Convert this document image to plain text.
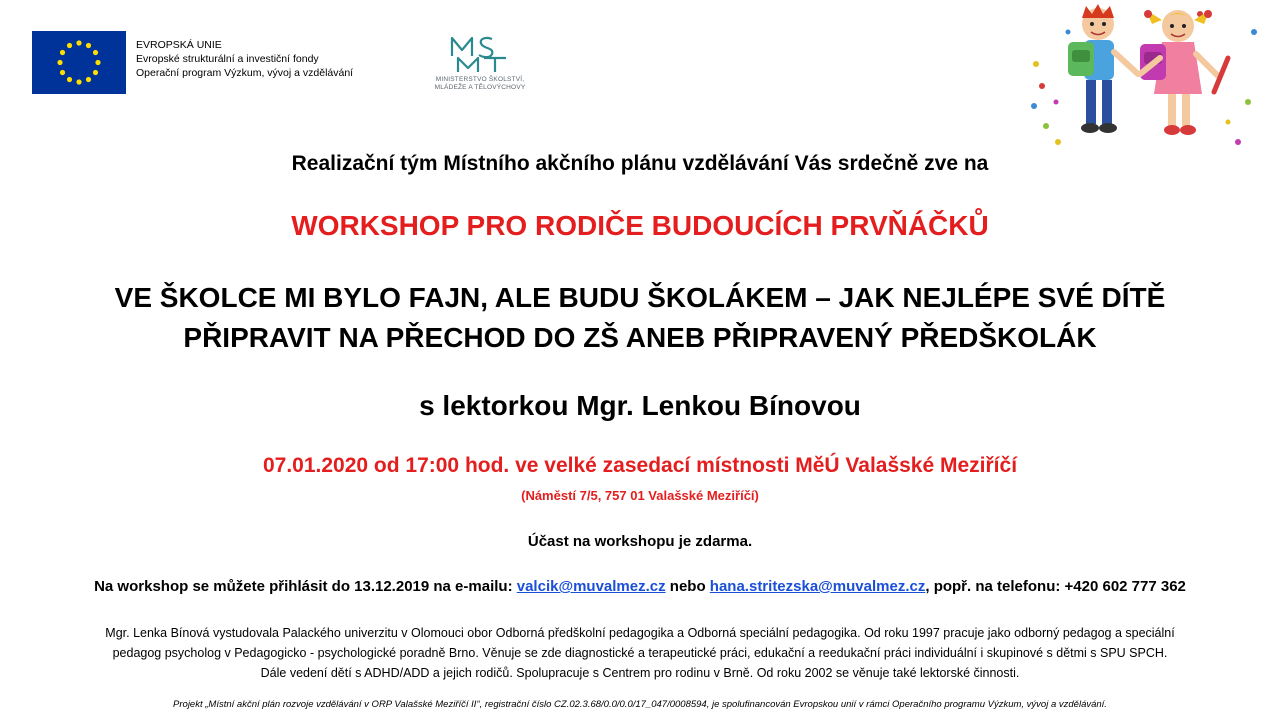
EVROPSKÁ UNIE
Evropské strukturální a investiční fondy
Operační program Výzkum, vývoj a vzdělávání
MINISTERSTVO ŠKOLSTVÍ,
MLÁDEŽE A TĚLOVÝCHOVY
Realizační tým Místního akčního plánu vzdělávání Vás srdečně zve na
WORKSHOP PRO RODIČE BUDOUCÍCH PRVŇÁČKŮ
VE ŠKOLCE MI BYLO FAJN, ALE BUDU ŠKOLÁKEM – JAK NEJLÉPE SVÉ DÍTĚ
PŘIPRAVIT NA PŘECHOD DO ZŠ ANEB PŘIPRAVENÝ PŘEDŠKOLÁK
s lektorkou Mgr. Lenkou Bínovou
07.01.2020 od 17:00 hod. ve velké zasedací místnosti MěÚ Valašské Meziříčí
(Náměstí 7/5, 757 01 Valašské Meziříčí)
Účast na workshopu je zdarma.
Na workshop se můžete přihlásit do 13.12.2019 na e-mailu: valcik@muvalmez.cz nebo hana.stritezska@muvalmez.cz, popř. na telefonu: +420 602 777 362
Mgr. Lenka Bínová vystudovala Palackého univerzitu v Olomouci obor Odborná předškolní pedagogika a Odborná speciální pedagogika. Od roku 1997 pracuje jako odborný pedagog a speciální
pedagog psycholog v Pedagogicko - psychologické poradně Brno. Věnuje se zde diagnostické a terapeutické práci, edukační a reedukační práci individuální i skupinové s dětmi s SPU SPCH.
Dále vedení dětí s ADHD/ADD a jejich rodičů. Spolupracuje s Centrem pro rodinu v Brně. Od roku 2002 se věnuje také lektorské činnosti.
Projekt „Místní akční plán rozvoje vzdělávání v ORP Valašské Meziříčí II“, registrační číslo CZ.02.3.68/0.0/0.0/17_047/0008594, je spolufinancován Evropskou unií v rámci Operačního programu Výzkum, vývoj a vzdělávání.
